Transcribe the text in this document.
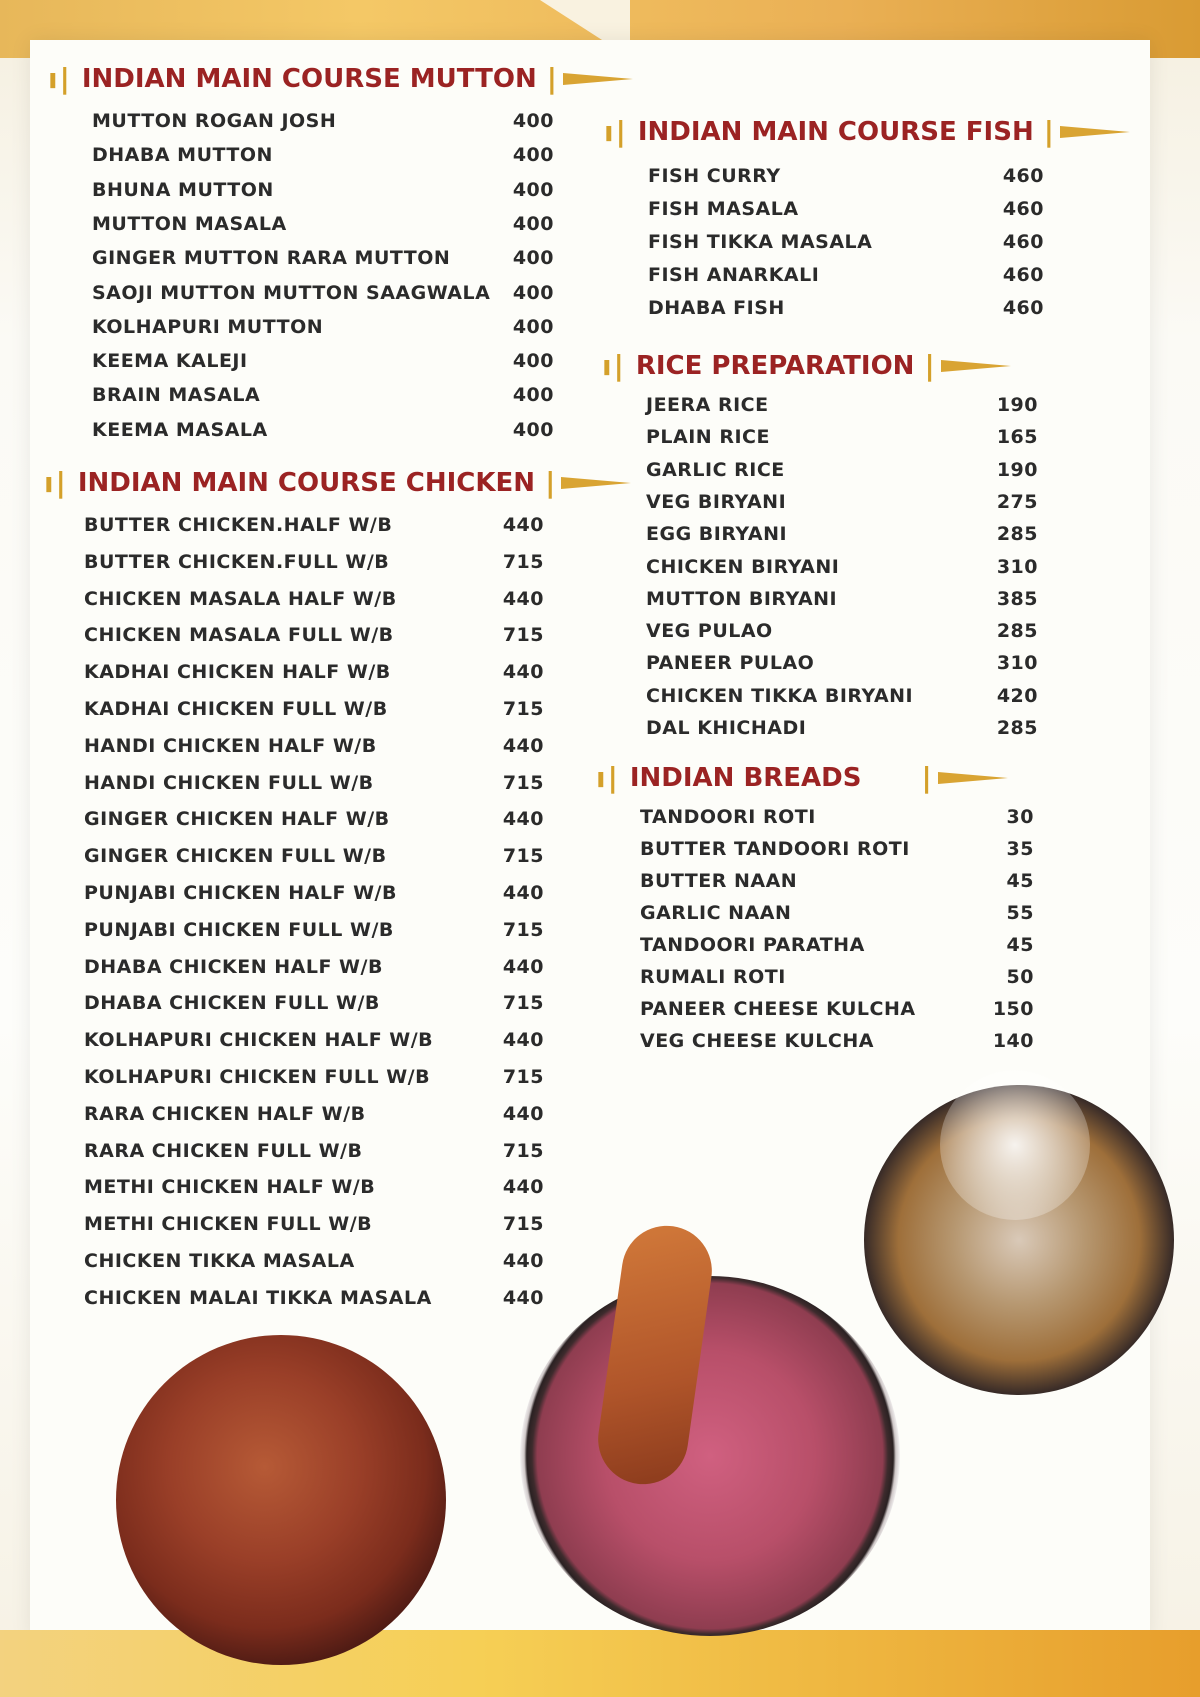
ı| INDIAN MAIN COURSE MUTTON |
ı| INDIAN MAIN COURSE CHICKEN |
ı| INDIAN MAIN COURSE FISH |
ı| RICE PREPARATION |
ı| INDIAN BREADS |
MUTTON ROGAN JOSH	400
DHABA MUTTON	400
BHUNA MUTTON	400
MUTTON MASALA	400
GINGER MUTTON RARA MUTTON	400
SAOJI MUTTON MUTTON SAAGWALA 400
KOLHAPURI MUTTON	400
KEEMA KALEJI	400
BRAIN MASALA	400
KEEMA MASALA	400
BUTTER CHICKEN.HALF W/B	440
BUTTER CHICKEN.FULL W/B	715
CHICKEN MASALA HALF W/B	440
CHICKEN MASALA FULL W/B	715
KADHAI CHICKEN HALF W/B	440
KADHAI CHICKEN FULL W/B	715
HANDI CHICKEN HALF W/B	440
HANDI CHICKEN FULL W/B	715
GINGER CHICKEN HALF W/B	440
GINGER CHICKEN FULL W/B	715
PUNJABI CHICKEN HALF W/B	440
PUNJABI CHICKEN FULL W/B	715
DHABA CHICKEN HALF W/B	440
DHABA CHICKEN FULL W/B	715
KOLHAPURI CHICKEN HALF W/B	440
KOLHAPURI CHICKEN FULL W/B	715
RARA CHICKEN HALF W/B	440
RARA CHICKEN FULL W/B	715
METHI CHICKEN HALF W/B	440
METHI CHICKEN FULL W/B	715
CHICKEN TIKKA MASALA	440
CHICKEN MALAI TIKKA MASALA	440
FISH CURRY	460
FISH MASALA	460
FISH TIKKA MASALA	460
FISH ANARKALI	460
DHABA FISH	460
JEERA RICE	190
PLAIN RICE	165
GARLIC RICE	190
VEG BIRYANI	275
EGG BIRYANI	285
CHICKEN BIRYANI	310
MUTTON BIRYANI	385
VEG PULAO	285
PANEER PULAO	310
CHICKEN TIKKA BIRYANI	420
DAL KHICHADI	285
TANDOORI ROTI	30
BUTTER TANDOORI ROTI	35
BUTTER NAAN	45
GARLIC NAAN	55
TANDOORI PARATHA	45
RUMALI ROTI	50
PANEER CHEESE KULCHA	150
VEG CHEESE KULCHA	140
